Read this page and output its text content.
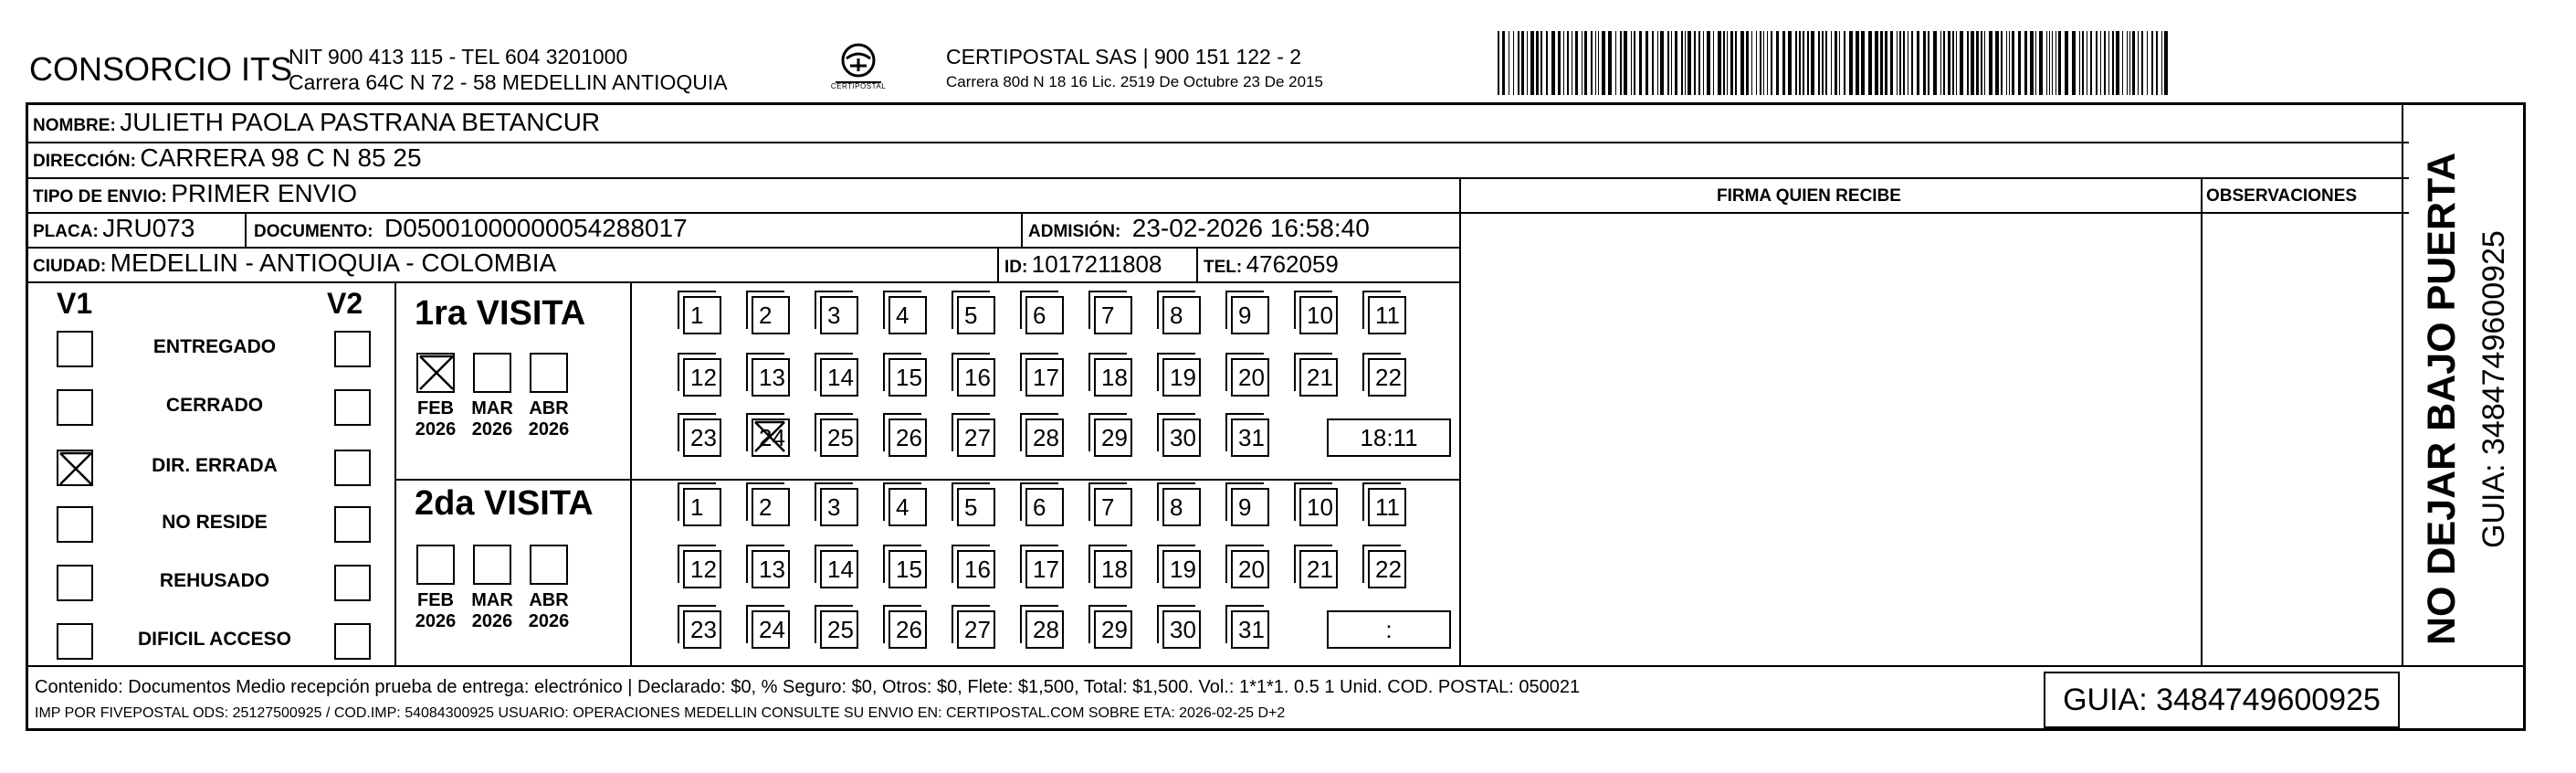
CONSORCIO ITS
NIT 900 413 115 - TEL 604 3201000
Carrera 64C N 72 - 58 MEDELLIN ANTIOQUIA	CERTIPOSTAL
CERTIPOSTAL SAS | 900 151 122 - 2
Carrera 80d N 18 16 Lic. 2519 De Octubre 23 De 2015
NOMBRE: JULIETH PAOLA PASTRANA BETANCUR
DIRECCIÓN: CARRERA 98 C N 85 25
TIPO DE ENVIO: PRIMER ENVIO	FIRMA QUIEN RECIBE	OBSERVACIONES
PLACA: JRU073	DOCUMENTO: D05001000000054288017	ADMISIÓN: 23-02-2026 16:58:40
CIUDAD: MEDELLIN - ANTIOQUIA - COLOMBIA	ID: 1017211808 TEL: 4762059
V1	V2
ENTREGADO
CERRADO
DIR. ERRADA
NO RESIDE
REHUSADO
DIFICIL ACCESO
1ra VISITA
2da VISITA
FEB
2026
MAR
2026
ABR
2026
1	2	3	4	5	6	7	8	9	10	11
12	13	14	15	16	17	18	19	20	21	22
23	24	25	26	27	28	29	30	31	18:11
FEB
2026
MAR
2026
ABR
2026
1	2	3	4	5	6	7	8	9	10	11
12	13	14	15	16	17	18	19	20	21	22
23	24	25	26	27	28	29	30	31	:	NO DEJAR BAJO PUERTA GUIA: 3484749600925
Contenido: Documentos Medio recepción prueba de entrega: electrónico | Declarado: $0, % Seguro: $0, Otros: $0, Flete: $1,500, Total: $1,500. Vol.: 1*1*1. 0.5 1 Unid. COD. POSTAL: 050021
IMP POR FIVEPOSTAL ODS: 25127500925 / COD.IMP: 54084300925 USUARIO: OPERACIONES MEDELLIN CONSULTE SU ENVIO EN: CERTIPOSTAL.COM SOBRE ETA: 2026-02-25 D+2	GUIA: 3484749600925
